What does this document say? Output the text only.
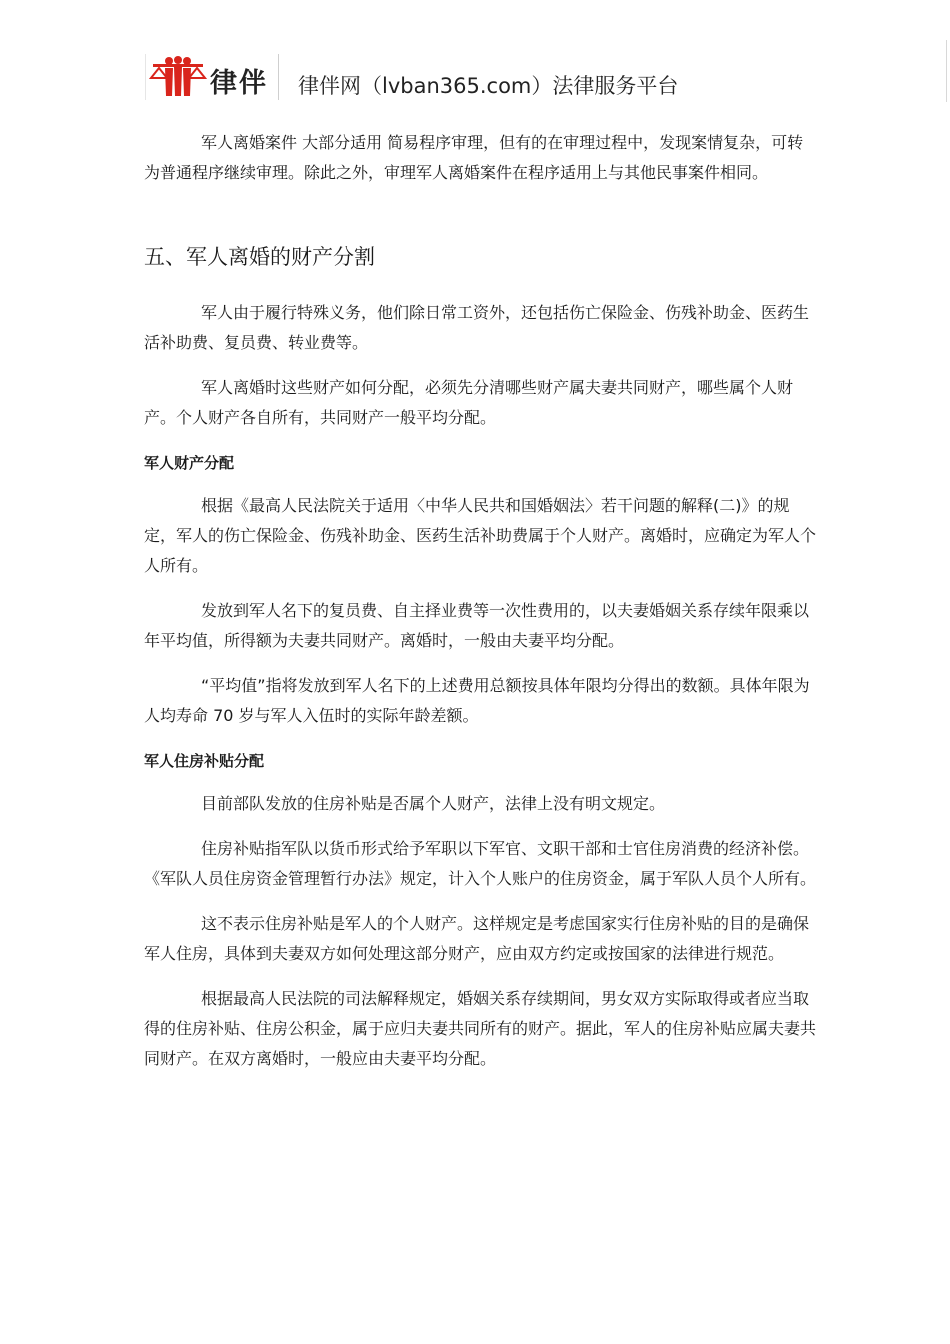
律伴 律伴网（lvban365.com）法律服务平台

军人离婚案件 大部分适用 简易程序审理，但有的在审理过程中，发现案情复杂，可转为普通程序继续审理。除此之外，审理军人离婚案件在程序适用上与其他民事案件相同。

五、军人离婚的财产分割

军人由于履行特殊义务，他们除日常工资外，还包括伤亡保险金、伤残补助金、医药生活补助费、复员费、转业费等。

军人离婚时这些财产如何分配，必须先分清哪些财产属夫妻共同财产，哪些属个人财产。个人财产各自所有，共同财产一般平均分配。

军人财产分配

根据《最高人民法院关于适用〈中华人民共和国婚姻法〉若干问题的解释(二)》的规定，军人的伤亡保险金、伤残补助金、医药生活补助费属于个人财产。离婚时，应确定为军人个人所有。

发放到军人名下的复员费、自主择业费等一次性费用的，以夫妻婚姻关系存续年限乘以年平均值，所得额为夫妻共同财产。离婚时，一般由夫妻平均分配。

“平均值”指将发放到军人名下的上述费用总额按具体年限均分得出的数额。具体年限为人均寿命 70 岁与军人入伍时的实际年龄差额。

军人住房补贴分配

目前部队发放的住房补贴是否属个人财产，法律上没有明文规定。

住房补贴指军队以货币形式给予军职以下军官、文职干部和士官住房消费的经济补偿。《军队人员住房资金管理暂行办法》规定，计入个人账户的住房资金，属于军队人员个人所有。

这不表示住房补贴是军人的个人财产。这样规定是考虑国家实行住房补贴的目的是确保军人住房，具体到夫妻双方如何处理这部分财产，应由双方约定或按国家的法律进行规范。

根据最高人民法院的司法解释规定，婚姻关系存续期间，男女双方实际取得或者应当取得的住房补贴、住房公积金，属于应归夫妻共同所有的财产。据此，军人的住房补贴应属夫妻共同财产。在双方离婚时，一般应由夫妻平均分配。
